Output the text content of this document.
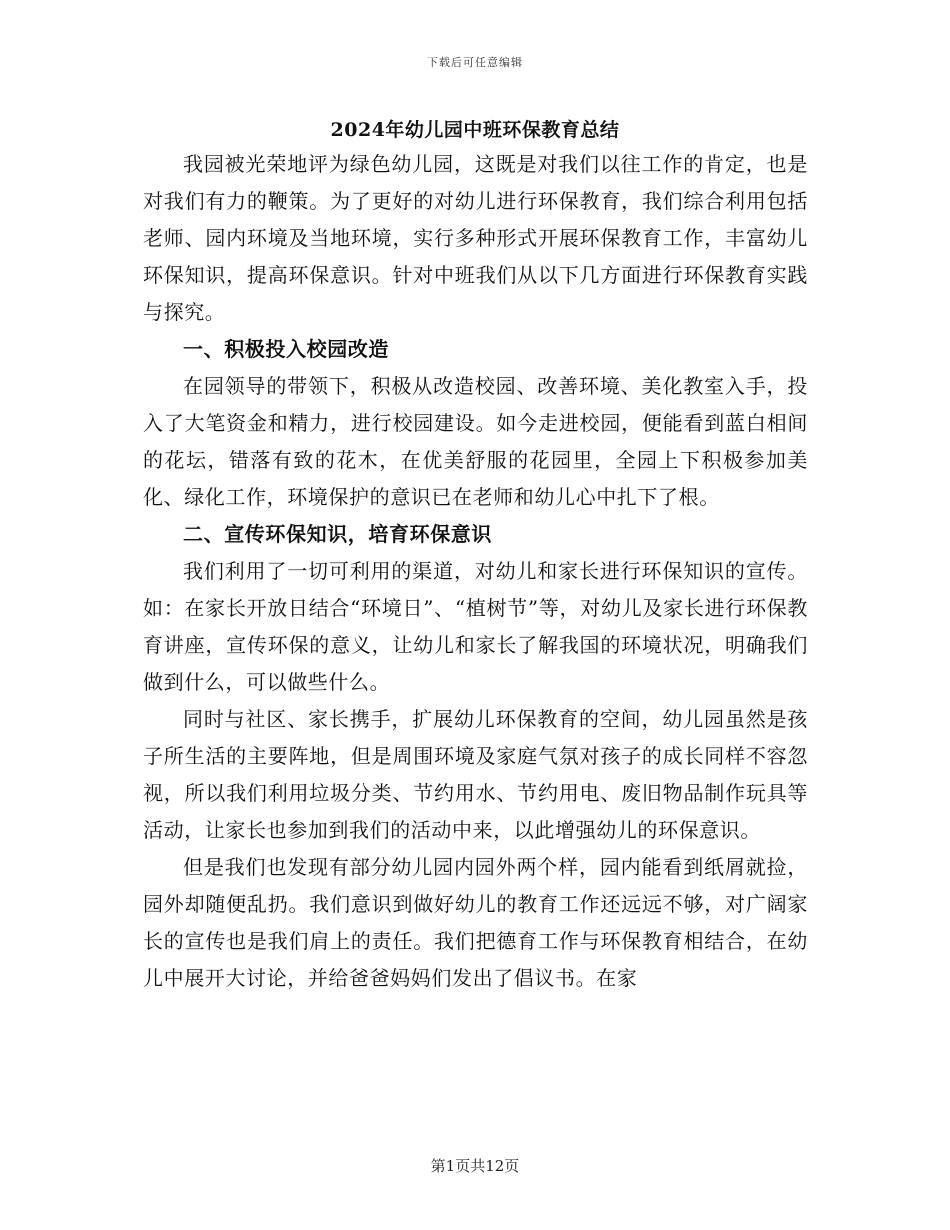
下载后可任意编辑
2024年幼儿园中班环保教育总结

我园被光荣地评为绿色幼儿园，这既是对我们以往工作的肯定，也是对我们有力的鞭策。为了更好的对幼儿进行环保教育，我们综合利用包括老师、园内环境及当地环境，实行多种形式开展环保教育工作，丰富幼儿环保知识，提高环保意识。针对中班我们从以下几方面进行环保教育实践与探究。

一、积极投入校园改造

在园领导的带领下，积极从改造校园、改善环境、美化教室入手，投入了大笔资金和精力，进行校园建设。如今走进校园，便能看到蓝白相间的花坛，错落有致的花木，在优美舒服的花园里，全园上下积极参加美化、绿化工作，环境保护的意识已在老师和幼儿心中扎下了根。

二、宣传环保知识，培育环保意识

我们利用了一切可利用的渠道，对幼儿和家长进行环保知识的宣传。如：在家长开放日结合“环境日”、“植树节”等，对幼儿及家长进行环保教育讲座，宣传环保的意义，让幼儿和家长了解我国的环境状况，明确我们做到什么，可以做些什么。

同时与社区、家长携手，扩展幼儿环保教育的空间，幼儿园虽然是孩子所生活的主要阵地，但是周围环境及家庭气氛对孩子的成长同样不容忽视，所以我们利用垃圾分类、节约用水、节约用电、废旧物品制作玩具等活动，让家长也参加到我们的活动中来，以此增强幼儿的环保意识。

但是我们也发现有部分幼儿园内园外两个样，园内能看到纸屑就捡，园外却随便乱扔。我们意识到做好幼儿的教育工作还远远不够，对广阔家长的宣传也是我们肩上的责任。我们把德育工作与环保教育相结合，在幼儿中展开大讨论，并给爸爸妈妈们发出了倡议书。在家

第1页共12页
